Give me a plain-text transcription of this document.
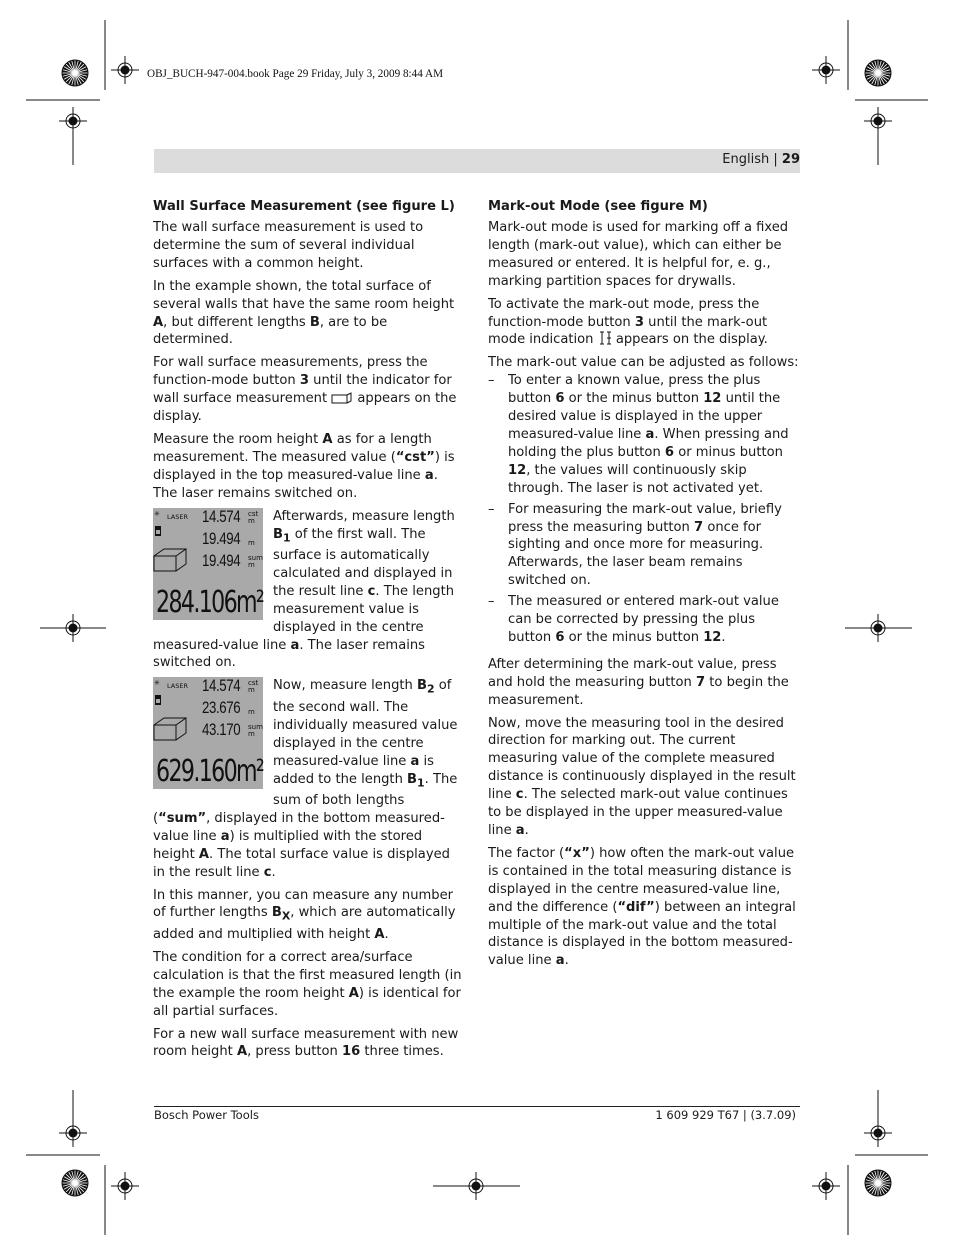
OBJ_BUCH-947-004.book Page 29 Friday, July 3, 2009 8:44 AM
English | 29
Wall Surface Measurement (see figure L)

The wall surface measurement is used to determine the sum of several individual surfaces with a common height.

In the example shown, the total surface of several walls that have the same room height A, but different lengths B, are to be determined.

For wall surface measurements, press the function-mode button 3 until the indicator for wall surface measurement  appears on the display.

Measure the room height A as for a length measurement. The measured value (“cst”) is displayed in the top measured-value line a. The laser remains switched on.

LASER
✳ 14.574 cst
m
19.494 m
19.494 sum
m
284.106m²

Afterwards, measure length $B_1$ of the first wall. The surface is automatically calculated and displayed in the result line c. The length measurement value is displayed in the centre measured-value line a. The laser remains switched on.

LASER
✳ 14.574 cst
m
23.676 m
43.170 sum
m
629.160m²

Now, measure length $B_2$ of the second wall. The individually measured value displayed in the centre measured-value line a is added to the length $B_1$. The sum of both lengths (“sum”, displayed in the bottom measured-value line a) is multiplied with the stored height A. The total surface value is displayed in the result line c.

In this manner, you can measure any number of further lengths $B_X$, which are automatically added and multiplied with height A.

The condition for a correct area/surface calculation is that the first measured length (in the example the room height A) is identical for all partial surfaces.

For a new wall surface measurement with new room height A, press button 16 three times.

Mark-out Mode (see figure M)

Mark-out mode is used for marking off a fixed length (mark-out value), which can either be measured or entered. It is helpful for, e. g., marking partition spaces for drywalls.

To activate the mark-out mode, press the function-mode button 3 until the mark-out mode indication  appears on the display.

The mark-out value can be adjusted as follows:

–	To enter a known value, press the plus button 6 or the minus button 12 until the desired value is displayed in the upper measured-value line a. When pressing and holding the plus button 6 or minus button 12, the values will continuously skip through. The laser is not activated yet.
–	For measuring the mark-out value, briefly press the measuring button 7 once for sighting and once more for measuring. Afterwards, the laser beam remains switched on.
–	The measured or entered mark-out value can be corrected by pressing the plus button 6 or the minus button 12.

After determining the mark-out value, press and hold the measuring button 7 to begin the measurement.

Now, move the measuring tool in the desired direction for marking out. The current measuring value of the complete measured distance is continuously displayed in the result line c. The selected mark-out value continues to be displayed in the upper measured-value line a.

The factor (“x”) how often the mark-out value is contained in the total measuring distance is displayed in the centre measured-value line, and the difference (“dif”) between an integral multiple of the mark-out value and the total distance is displayed in the bottom measured-value line a.

Bosch Power Tools	1 609 929 T67 | (3.7.09)
